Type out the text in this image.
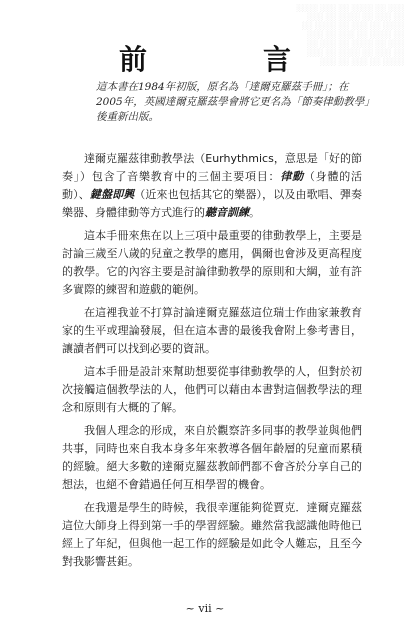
░░░ ░░ ░░░░ ░░ ░░░ ░░░░
░░ ░░░ ░░ ░░░░ ░░ ░░░
░░░░ ░░ ░░░ ░░ ░░░░ ░░
░░ ░░░░ ░░ ░░░ ░░ ░░░
░░░ ░░ ░░░░ ░░ ░░░ ░░
░░ ░░░ ░░ ░░░░ ░░ ░░░
░░░░ ░░ ░░░ ░░ ░░░
前　言
這本書在1984年初版，原名為「達爾克羅茲手冊」；在
2005年，英國達爾克羅茲學會將它更名為「節奏律動教學」
後重新出版。

達爾克羅茲律動教學法（Eurhythmics，意思是「好的節奏」）包含了音樂教育中的三個主要項目：律動（身體的活動）、鍵盤即興（近來也包括其它的樂器），以及由歌唱、彈奏樂器、身體律動等方式進行的聽音訓練。

這本手冊來焦在以上三項中最重要的律動教學上，主要是討論三歲至八歲的兒童之教學的應用，偶爾也會涉及更高程度的教學。它的內容主要是討論律動教學的原則和大綱，並有許多實際的練習和遊戲的範例。

在這裡我並不打算討論達爾克羅茲這位瑞士作曲家兼教育家的生平或理論發展，但在這本書的最後我會附上參考書目，讓讀者們可以找到必要的資訊。

這本手冊是設計來幫助想要從事律動教學的人，但對於初次接觸這個教學法的人，他們可以藉由本書對這個教學法的理念和原則有大概的了解。

我個人理念的形成，來自於觀察許多同事的教學並與他們共事，同時也來自我本身多年來教導各個年齡層的兒童而累積的經驗。絕大多數的達爾克羅茲教師們都不會吝於分享自己的想法，也絕不會錯過任何互相學習的機會。

在我還是學生的時候，我很幸運能夠從賈克．達爾克羅茲這位大師身上得到第一手的學習經驗。雖然當我認識他時他已經上了年紀，但與他一起工作的經驗是如此令人難忘，且至今對我影響甚鉅。

~ vii ~
